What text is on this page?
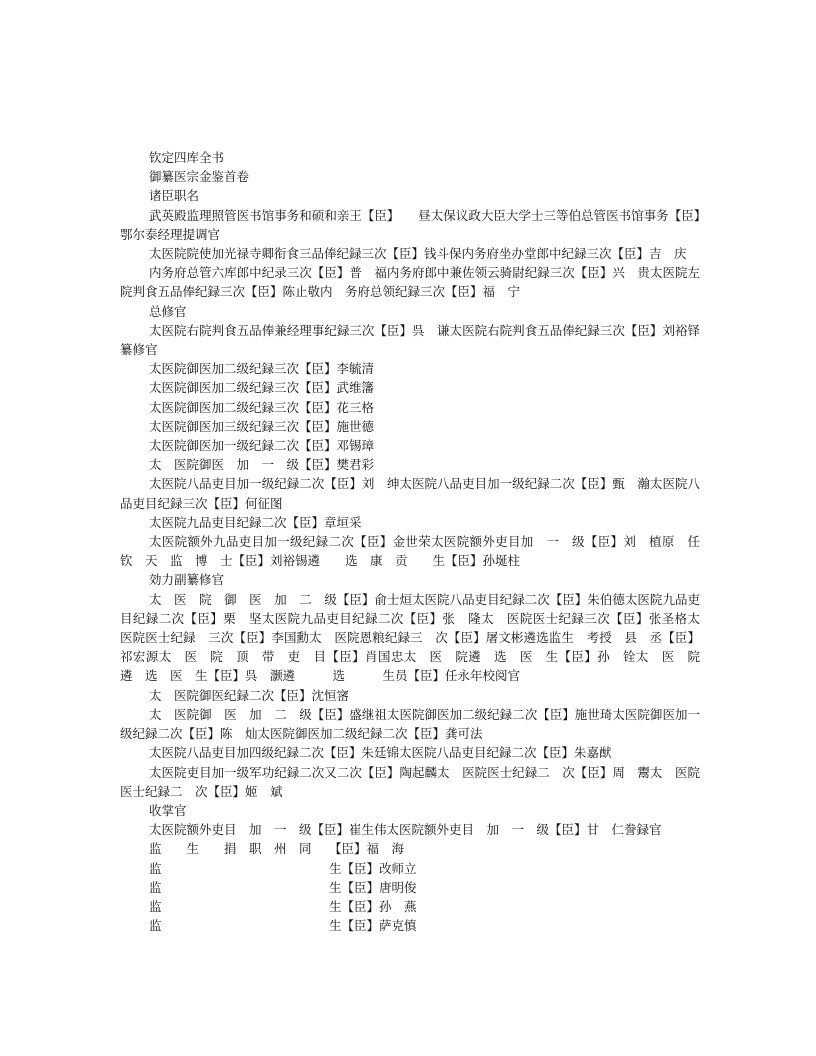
钦定四库全书

御纂医宗金鉴首卷

诸臣职名

武英殿监理照管医书馆事务和硕和亲王【臣】　　昼太保议政大臣大学士三等伯总管医书馆事务【臣】鄂尔泰经理提调官

太医院院使加光禄寺卿衔食三品俸纪録三次【臣】钱斗保内务府坐办堂郎中纪録三次【臣】吉　庆

内务府总管六库郎中纪录三次【臣】普　福内务府郎中兼佐领云骑尉纪録三次【臣】兴　贵太医院左院判食五品俸纪録三次【臣】陈止敬内　务府总领纪録三次【臣】福　宁

总修官

太医院右院判食五品俸兼经理事纪録三次【臣】呉　谦太医院右院判食五品俸纪録三次【臣】刘裕铎纂修官

太医院御医加二级纪録三次【臣】李毓清

太医院御医加二级纪録三次【臣】武维籓

太医院御医加二级纪録三次【臣】花三格

太医院御医加三级纪録三次【臣】施世德

太医院御医加一级纪録二次【臣】邓锡璋

太　医院御医　加　一　级【臣】樊君彩

太医院八品吏目加一级纪録二次【臣】刘　绅太医院八品吏目加一级纪録二次【臣】甄　瀚太医院八品吏目纪録三次【臣】何征图

太医院九品吏目纪録二次【臣】章垣采

太医院额外九品吏目加一级纪録二次【臣】金世荣太医院额外吏目加　一　级【臣】刘　植原　任　钦　天　监　博　士【臣】刘裕锡遴　　选　康　贡　　生【臣】孙埏柱

効力副纂修官

太　医　院　御　医　加　二　级【臣】俞士烜太医院八品吏目纪録二次【臣】朱伯德太医院九品吏目纪録二次【臣】栗　坚太医院九品吏目纪録二次【臣】张　隆太　医院医士纪録三次【臣】张圣格太　医院医士纪録　三次【臣】李国勳太　医院恩粮纪録三　次【臣】屠文彬遴选监生　考授　县　丞【臣】祁宏源太　医　院　顶　带　吏　目【臣】肖国忠太　医　院遴　选　医　生【臣】孙　铨太　医　院　遴　选　医　生【臣】呉　灏遴　　　选　　　生员【臣】任永年校阅官

太　医院御医纪録二次【臣】沈恒宻

太　医院御　医　加　二　级【臣】盛继祖太医院御医加二级纪録二次【臣】施世琦太医院御医加一级纪録二次【臣】陈　灿太医院御医加二级纪録二次【臣】龚可法

太医院八品吏目加四级纪録二次【臣】朱廷锦太医院八品吏目纪録二次【臣】朱嘉猷

太医院吏目加一级军功纪録二次又二次【臣】陶起麟太　医院医士纪録二　次【臣】周　鬻太　医院医士纪録二　次【臣】姬　斌

收掌官

太医院额外吏目　加　一　级【臣】崔生伟太医院额外吏目　加　一　级【臣】甘　仁誊録官

监　　生　　捐　职　州　同	【臣】福　海
监	生【臣】改师立
监	生【臣】唐明俊
监	生【臣】孙　燕
监	生【臣】萨克慎
